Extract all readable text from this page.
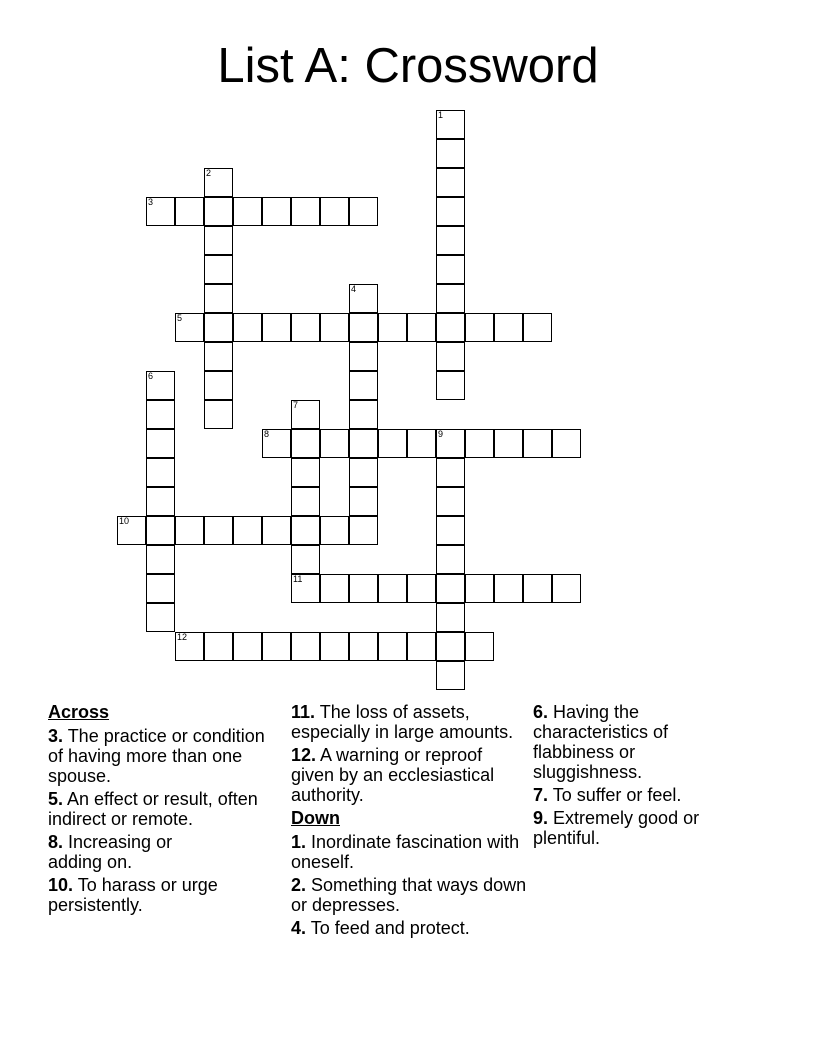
List A: Crossword
1
2
3
4
5
6
7
11
8	9
10
12
Across
3. The practice or condition of having more than one spouse.
5. An effect or result, often indirect or remote.
8. Increasing or adding on.
10. To harass or urge persistently.
11. The loss of assets, especially in large amounts.
12. A warning or reproof given by an ecclesiastical authority.
Down
1. Inordinate fascination with oneself.
2. Something that ways down or depresses.
4. To feed and protect.
6. Having the characteristics of flabbiness or sluggishness.
7. To suffer or feel.
9. Extremely good or plentiful.
